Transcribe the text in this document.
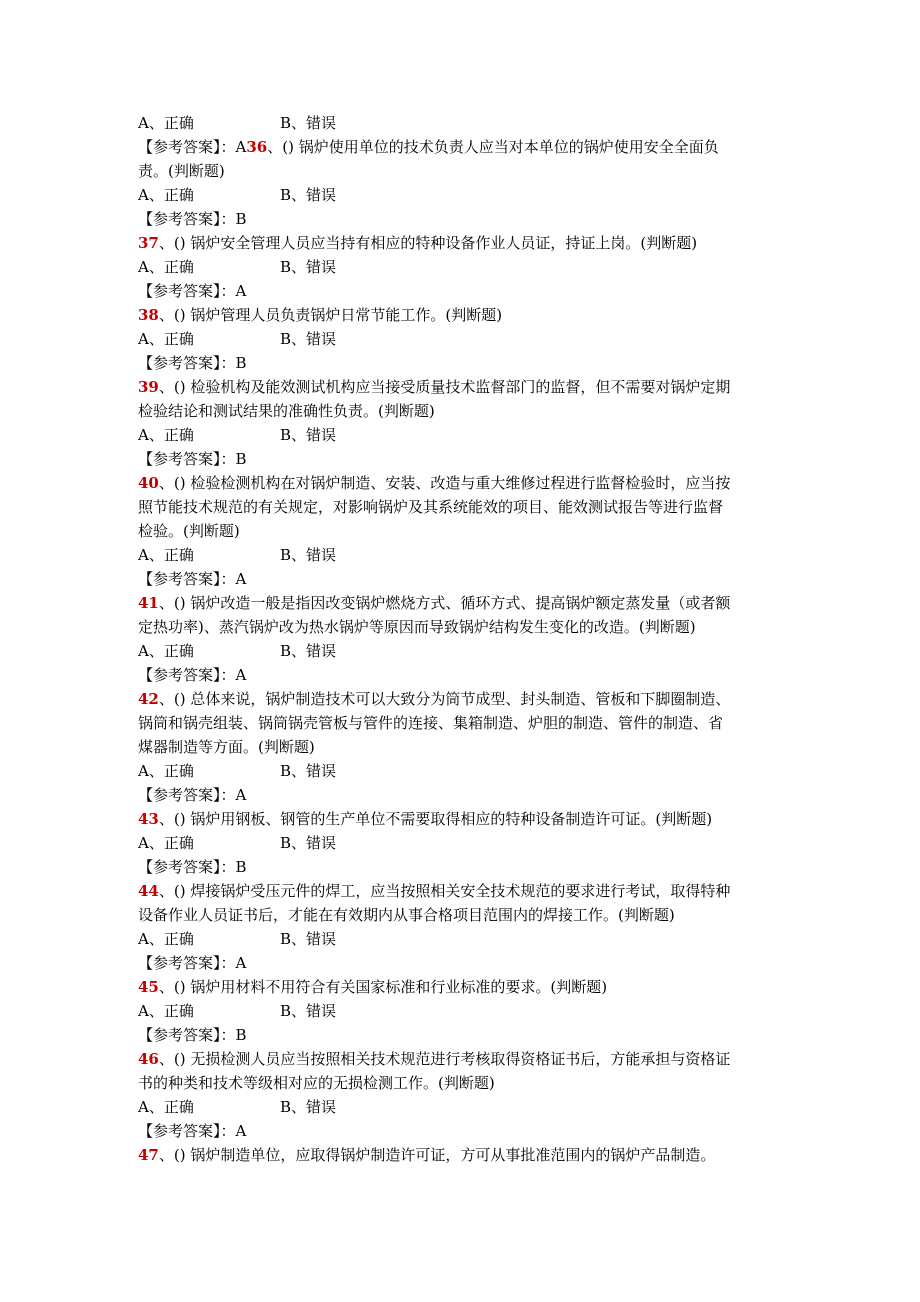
A、正确	B、错误
【参考答案】：A36、() 锅炉使用单位的技术负责人应当对本单位的锅炉使用安全全面负
责。(判断题)
A、正确	B、错误
【参考答案】：B
37、() 锅炉安全管理人员应当持有相应的特种设备作业人员证，持证上岗。(判断题)
A、正确	B、错误
【参考答案】：A
38、() 锅炉管理人员负责锅炉日常节能工作。(判断题)
A、正确	B、错误
【参考答案】：B
39、() 检验机构及能效测试机构应当接受质量技术监督部门的监督，但不需要对锅炉定期
检验结论和测试结果的准确性负责。(判断题)
A、正确	B、错误
【参考答案】：B
40、() 检验检测机构在对锅炉制造、安装、改造与重大维修过程进行监督检验时，应当按
照节能技术规范的有关规定，对影响锅炉及其系统能效的项目、能效测试报告等进行监督
检验。(判断题)
A、正确	B、错误
【参考答案】：A
41、() 锅炉改造一般是指因改变锅炉燃烧方式、循环方式、提高锅炉额定蒸发量（或者额
定热功率)、蒸汽锅炉改为热水锅炉等原因而导致锅炉结构发生变化的改造。(判断题)
A、正确	B、错误
【参考答案】：A
42、() 总体来说，锅炉制造技术可以大致分为筒节成型、封头制造、管板和下脚圈制造、
锅筒和锅壳组装、锅筒锅壳管板与管件的连接、集箱制造、炉胆的制造、管件的制造、省
煤器制造等方面。(判断题)
A、正确	B、错误
【参考答案】：A
43、() 锅炉用钢板、钢管的生产单位不需要取得相应的特种设备制造许可证。(判断题)
A、正确	B、错误
【参考答案】：B
44、() 焊接锅炉受压元件的焊工，应当按照相关安全技术规范的要求进行考试，取得特种
设备作业人员证书后，才能在有效期内从事合格项目范围内的焊接工作。(判断题)
A、正确	B、错误
【参考答案】：A
45、() 锅炉用材料不用符合有关国家标准和行业标准的要求。(判断题)
A、正确	B、错误
【参考答案】：B
46、() 无损检测人员应当按照相关技术规范进行考核取得资格证书后，方能承担与资格证
书的种类和技术等级相对应的无损检测工作。(判断题)
A、正确	B、错误
【参考答案】：A
47、() 锅炉制造单位，应取得锅炉制造许可证，方可从事批准范围内的锅炉产品制造。
